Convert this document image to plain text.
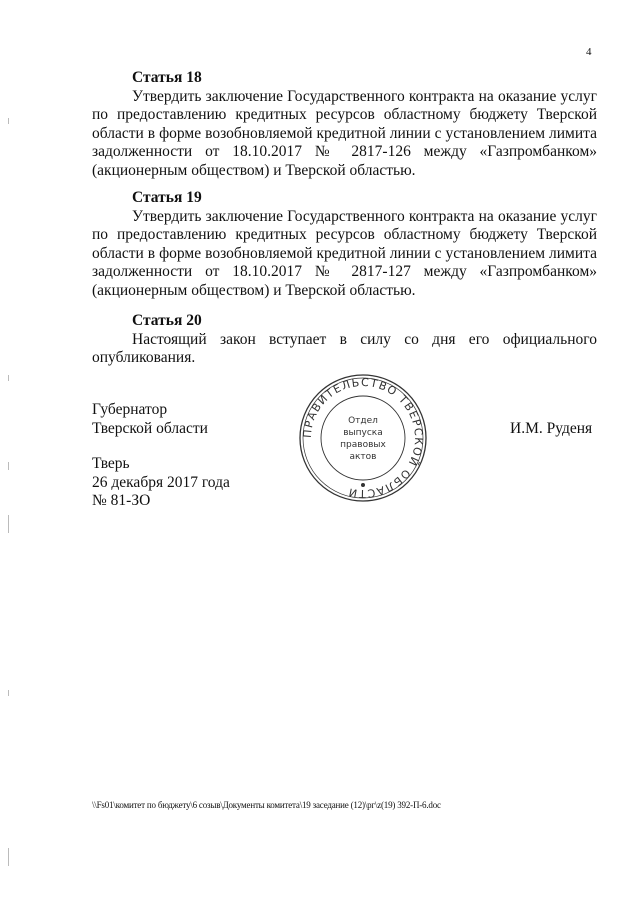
4
Статья 18

Утвердить заключение Государственного контракта на оказание услуг по предоставлению кредитных ресурсов областному бюджету Тверской области в форме возобновляемой кредитной линии с установлением лимита задолженности от 18.10.2017 № 2817-126 между «Газпромбанком» (акционерным обществом) и Тверской областью.

Статья 19

Утвердить заключение Государственного контракта на оказание услуг по предоставлению кредитных ресурсов областному бюджету Тверской области в форме возобновляемой кредитной линии с установлением лимита задолженности от 18.10.2017 № 2817-127 между «Газпромбанком» (акционерным обществом) и Тверской областью.

Статья 20

Настоящий закон вступает в силу со дня его официального опубликования.

Губернатор
Тверской области
Тверь
26 декабря 2017 года
№ 81-ЗО
И.М. Руденя
ПРАВИТЕЛЬСТВО ТВЕРСКОЙ ОБЛАСТИ
Отдел
выпуска
правовых
актов
\\Fs01\комитет по бюджету\6 созыв\Документы комитета\19 заседание (12)\рг\z(19) 392-П-6.doc
